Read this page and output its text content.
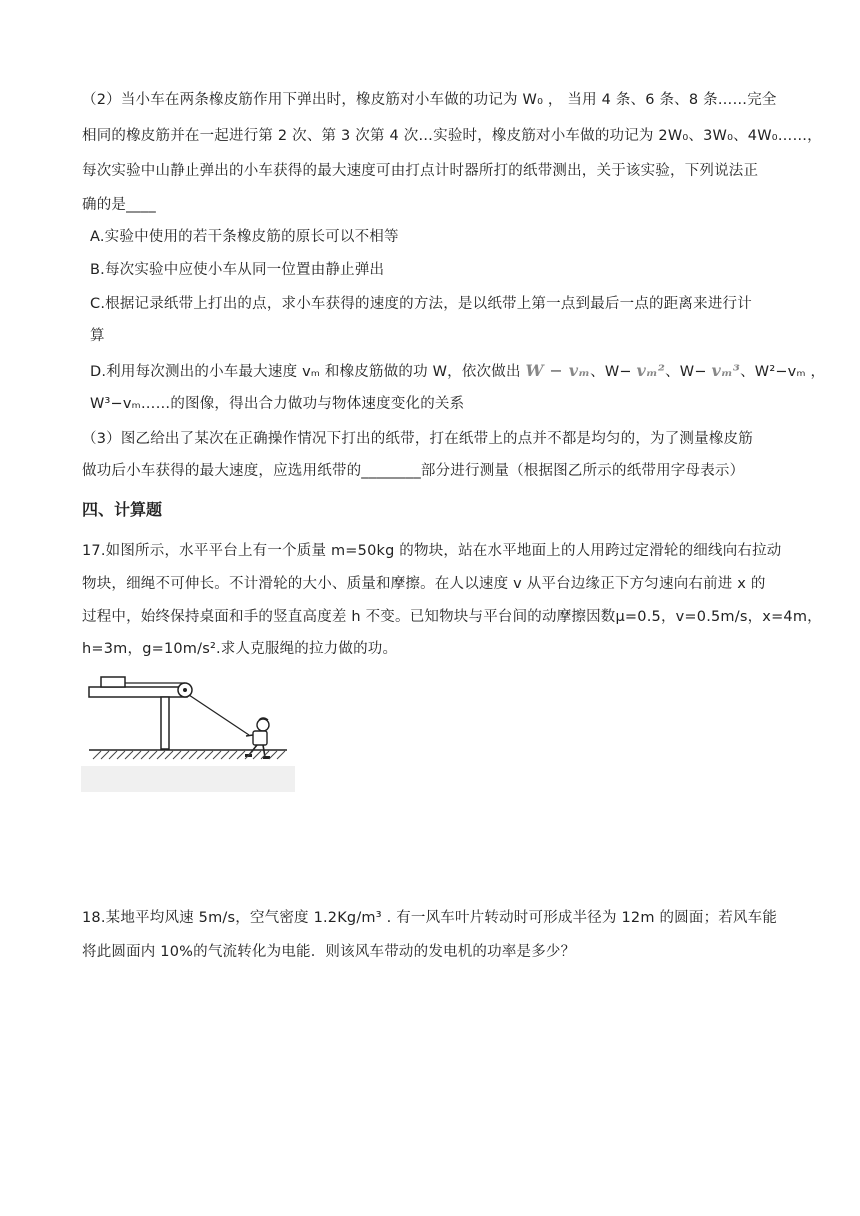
（2）当小车在两条橡皮筋作用下弹出时，橡皮筋对小车做的功记为 W₀ ， 当用 4 条、6 条、8 条……完全
相同的橡皮筋并在一起进行第 2 次、第 3 次第 4 次…实验时，橡皮筋对小车做的功记为 2W₀、3W₀、4W₀……，
每次实验中山静止弹出的小车获得的最大速度可由打点计时器所打的纸带测出，关于该实验，下列说法正
确的是____
A.实验中使用的若干条橡皮筋的原长可以不相等
B.每次实验中应使小车从同一位置由静止弹出
C.根据记录纸带上打出的点，求小车获得的速度的方法，是以纸带上第一点到最后一点的距离来进行计
算
D.利用每次测出的小车最大速度 vₘ 和橡皮筋做的功 W，依次做出 W − vₘ、W− vₘ²、W− vₘ³、W²−vₘ ，
W³−vₘ……的图像，得出合力做功与物体速度变化的关系
（3）图乙给出了某次在正确操作情况下打出的纸带，打在纸带上的点并不都是均匀的，为了测量橡皮筋
做功后小车获得的最大速度，应选用纸带的________部分进行测量（根据图乙所示的纸带用字母表示）
四、计算题
17.如图所示，水平平台上有一个质量 m=50kg 的物块，站在水平地面上的人用跨过定滑轮的细线向右拉动
物块，细绳不可伸长。不计滑轮的大小、质量和摩擦。在人以速度 v 从平台边缘正下方匀速向右前进 x 的
过程中，始终保持桌面和手的竖直高度差 h 不变。已知物块与平台间的动摩擦因数μ=0.5，v=0.5m/s，x=4m，
h=3m，g=10m/s².求人克服绳的拉力做的功。
18.某地平均风速 5m/s，空气密度 1.2Kg/m³ . 有一风车叶片转动时可形成半径为 12m 的圆面；若风车能
将此圆面内 10%的气流转化为电能．则该风车带动的发电机的功率是多少？
